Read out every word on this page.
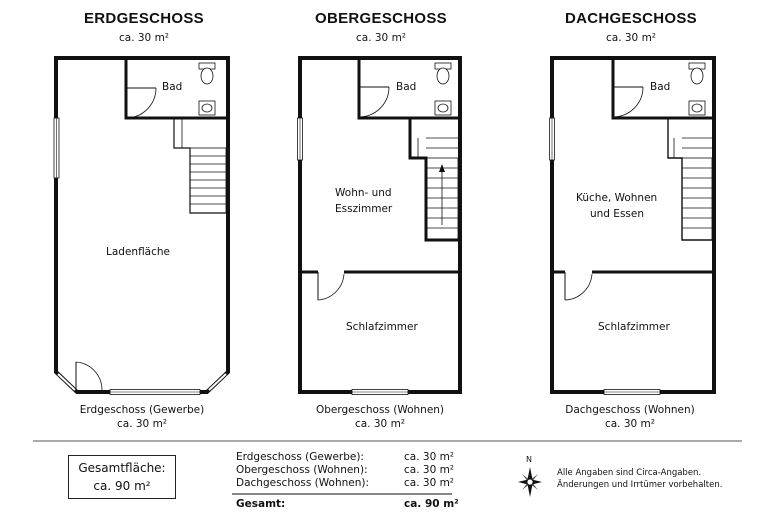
ERDGESCHOSS
ca. 30 m²
OBERGESCHOSS
ca. 30 m²
DACHGESCHOSS
ca. 30 m²
Bad
Ladenfläche
Bad
Wohn- und
Esszimmer
Schlafzimmer
Bad
Küche, Wohnen
und Essen
Schlafzimmer
Erdgeschoss (Gewerbe)
ca. 30 m²
Obergeschoss (Wohnen)
ca. 30 m²
Dachgeschoss (Wohnen)
ca. 30 m²
Gesamtfläche:
ca. 90 m²
Erdgeschoss (Gewerbe):	ca. 30 m²
Obergeschoss (Wohnen):	ca. 30 m²
Dachgeschoss (Wohnen):	ca. 30 m²
Gesamt:	ca. 90 m²
N
Alle Angaben sind Circa-Angaben.
Änderungen und Irrtümer vorbehalten.
